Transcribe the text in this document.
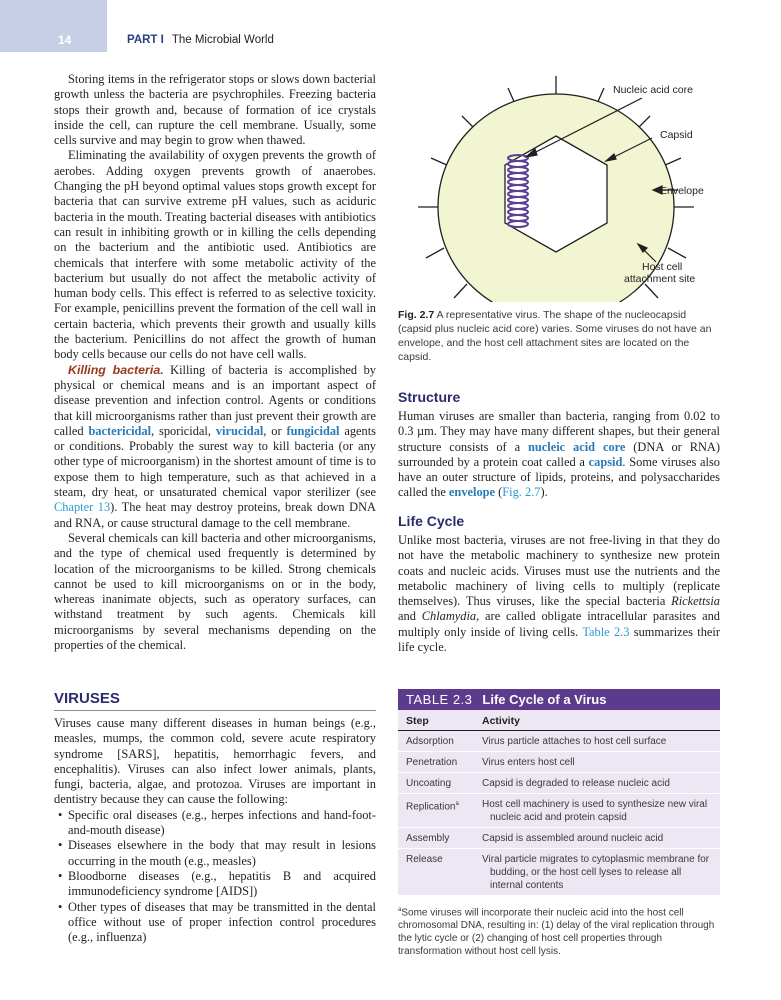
14	PART I The Microbial World

Storing items in the refrigerator stops or slows down bacterial growth unless the bacteria are psychrophiles. Freezing bacteria stops their growth and, because of formation of ice crystals inside the cell, can rupture the cell membrane. Usually, some cells survive and may begin to grow when thawed.

Eliminating the availability of oxygen prevents the growth of aerobes. Adding oxygen prevents growth of anaerobes. Changing the pH beyond optimal values stops growth except for bacteria that can survive extreme pH values, such as aciduric bacteria in the mouth. Treating bacterial diseases with antibiotics can result in inhibiting growth or in killing the cells depending on the bacterium and the antibiotic used. Antibiotics are chemicals that interfere with some metabolic activity of the bacterium but usually do not affect the metabolic activity of human body cells. This effect is referred to as selective toxicity. For example, penicillins prevent the formation of the cell wall in certain bacteria, which prevents their growth and usually kills the bacterium. Penicillins do not affect the growth of human body cells because our cells do not have cell walls.

Killing bacteria. Killing of bacteria is accomplished by physical or chemical means and is an important aspect of disease prevention and infection control. Agents or conditions that kill microorganisms rather than just prevent their growth are called bactericidal, sporicidal, virucidal, or fungicidal agents or conditions. Probably the surest way to kill bacteria (or any other type of microorganism) in the shortest amount of time is to expose them to high temperature, such as that achieved in a steam, dry heat, or unsaturated chemical vapor sterilizer (see Chapter 13). The heat may destroy proteins, break down DNA and RNA, or cause structural damage to the cell membrane.

Several chemicals can kill bacteria and other microorganisms, and the type of chemical used frequently is determined by location of the microorganisms to be killed. Strong chemicals cannot be used to kill microorganisms on or in the body, whereas inanimate objects, such as operatory surfaces, can withstand treatment by such agents. Chemicals kill microorganisms by several mechanisms depending on the properties of the chemical.

VIRUSES

Viruses cause many different diseases in human beings (e.g., measles, mumps, the common cold, severe acute respiratory syndrome [SARS], hepatitis, hemorrhagic fevers, and encephalitis). Viruses can also infect lower animals, plants, fungi, bacteria, algae, and protozoa. Viruses are important in dentistry because they can cause the following:

• Specific oral diseases (e.g., herpes infections and hand-foot-and-mouth disease)
• Diseases elsewhere in the body that may result in lesions occurring in the mouth (e.g., measles)
• Bloodborne diseases (e.g., hepatitis B and acquired immunodeficiency syndrome [AIDS])
• Other types of diseases that may be transmitted in the dental office without use of proper infection control procedures (e.g., influenza)
Nucleic acid core
Capsid
Envelope
Host cell
attachment site

Fig. 2.7 A representative virus. The shape of the nucleocapsid (capsid plus nucleic acid core) varies. Some viruses do not have an envelope, and the host cell attachment sites are located on the capsid.

Structure

Human viruses are smaller than bacteria, ranging from 0.02 to 0.3 µm. They may have many different shapes, but their general structure consists of a nucleic acid core (DNA or RNA) surrounded by a protein coat called a capsid. Some viruses also have an outer structure of lipids, proteins, and polysaccharides called the envelope (Fig. 2.7).

Life Cycle

Unlike most bacteria, viruses are not free-living in that they do not have the metabolic machinery to synthesize new protein coats and nucleic acids. Viruses must use the nutrients and the metabolic machinery of living cells to multiply (replicate themselves). Thus viruses, like the special bacteria Rickettsia and Chlamydia, are called obligate intracellular parasites and multiply only inside of living cells. Table 2.3 summarizes their life cycle.

TABLE 2.3 Life Cycle of a Virus
Step	Activity
Adsorption	Virus particle attaches to host cell surface

Penetration	Virus enters host cell

Uncoating	Capsid is degraded to release nucleic acid

Replication$^a$	Host cell machinery is used to synthesize new viral nucleic acid and protein capsid

Assembly	Capsid is assembled around nucleic acid

Release	Viral particle migrates to cytoplasmic membrane for budding, or the host cell lyses to release all internal contents

$^a$Some viruses will incorporate their nucleic acid into the host cell chromosomal DNA, resulting in: (1) delay of the viral replication through the lytic cycle or (2) changing of host cell properties through transformation without host cell lysis.
